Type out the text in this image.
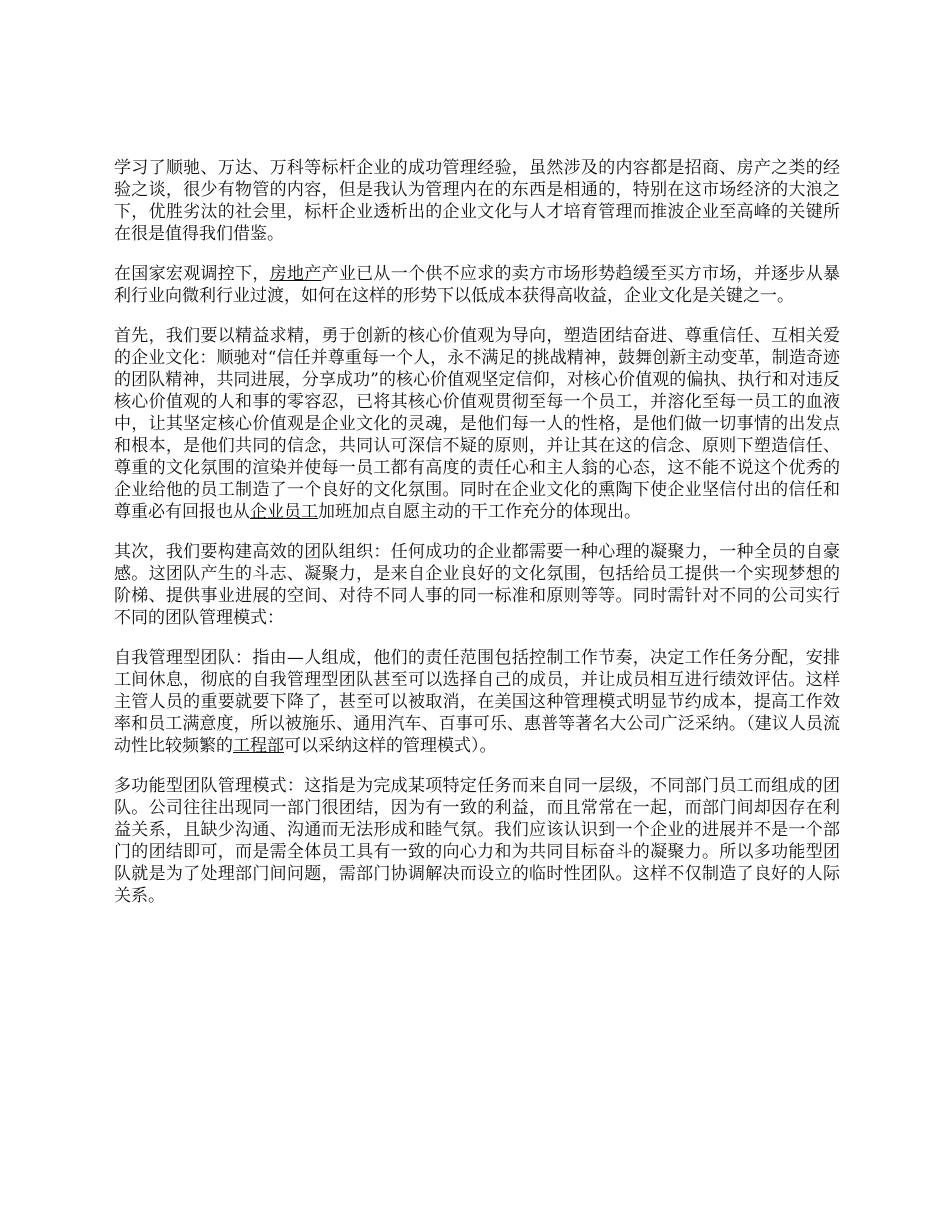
学习了顺驰、万达、万科等标杆企业的成功管理经验，虽然涉及的内容都是招商、房产之类的经验之谈，很少有物管的内容，但是我认为管理内在的东西是相通的，特别在这市场经济的大浪之下，优胜劣汰的社会里，标杆企业透析出的企业文化与人才培育管理而推波企业至高峰的关键所在很是值得我们借鉴。

在国家宏观调控下，房地产产业已从一个供不应求的卖方市场形势趋缓至买方市场，并逐步从暴利行业向微利行业过渡，如何在这样的形势下以低成本获得高收益，企业文化是关键之一。

首先，我们要以精益求精，勇于创新的核心价值观为导向，塑造团结奋进、尊重信任、互相关爱的企业文化：顺驰对“信任并尊重每一个人，永不满足的挑战精神，鼓舞创新主动变革，制造奇迹的团队精神，共同进展，分享成功”的核心价值观坚定信仰，对核心价值观的偏执、执行和对违反核心价值观的人和事的零容忍，已将其核心价值观贯彻至每一个员工，并溶化至每一员工的血液中，让其坚定核心价值观是企业文化的灵魂，是他们每一人的性格，是他们做一切事情的出发点和根本，是他们共同的信念，共同认可深信不疑的原则，并让其在这的信念、原则下塑造信任、尊重的文化氛围的渲染并使每一员工都有高度的责任心和主人翁的心态，这不能不说这个优秀的企业给他的员工制造了一个良好的文化氛围。同时在企业文化的熏陶下使企业坚信付出的信任和尊重必有回报也从企业员工加班加点自愿主动的干工作充分的体现出。

其次，我们要构建高效的团队组织：任何成功的企业都需要一种心理的凝聚力，一种全员的自豪感。这团队产生的斗志、凝聚力，是来自企业良好的文化氛围，包括给员工提供一个实现梦想的阶梯、提供事业进展的空间、对待不同人事的同一标准和原则等等。同时需针对不同的公司实行不同的团队管理模式：

自我管理型团队：指由—人组成，他们的责任范围包括控制工作节奏，决定工作任务分配，安排工间休息，彻底的自我管理型团队甚至可以选择自己的成员，并让成员相互进行绩效评估。这样主管人员的重要就要下降了，甚至可以被取消，在美国这种管理模式明显节约成本，提高工作效率和员工满意度，所以被施乐、通用汽车、百事可乐、惠普等著名大公司广泛采纳。（建议人员流动性比较频繁的工程部可以采纳这样的管理模式）。

多功能型团队管理模式：这指是为完成某项特定任务而来自同一层级，不同部门员工而组成的团队。公司往往出现同一部门很团结，因为有一致的利益，而且常常在一起，而部门间却因存在利益关系，且缺少沟通、沟通而无法形成和睦气氛。我们应该认识到一个企业的进展并不是一个部门的团结即可，而是需全体员工具有一致的向心力和为共同目标奋斗的凝聚力。所以多功能型团队就是为了处理部门间问题，需部门协调解决而设立的临时性团队。这样不仅制造了良好的人际关系。
